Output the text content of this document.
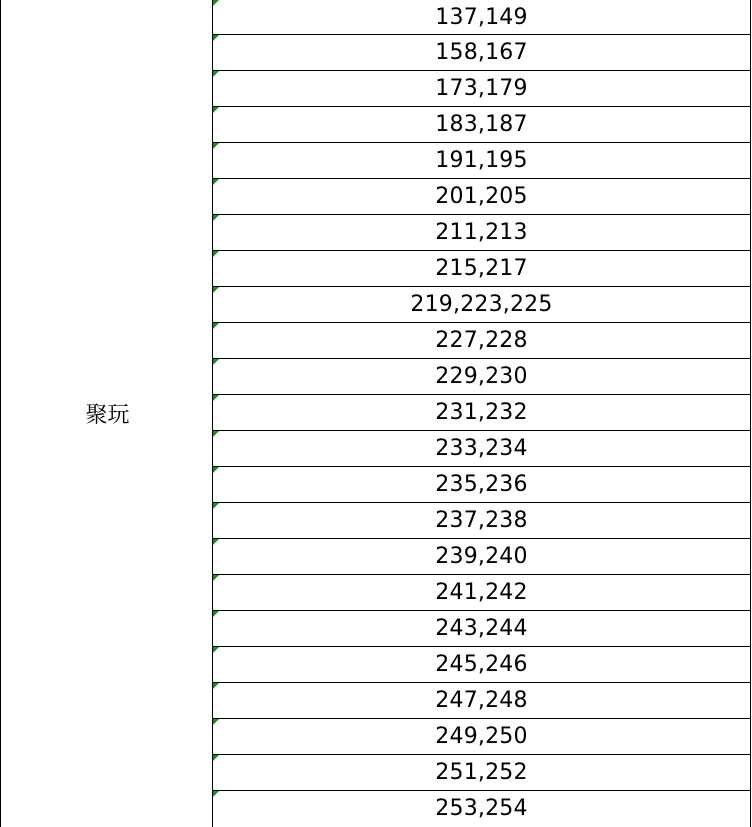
聚玩
137,149
158,167
173,179
183,187
191,195
201,205
211,213
215,217
219,223,225
227,228
229,230
231,232
233,234
235,236
237,238
239,240
241,242
243,244
245,246
247,248
249,250
251,252
253,254
